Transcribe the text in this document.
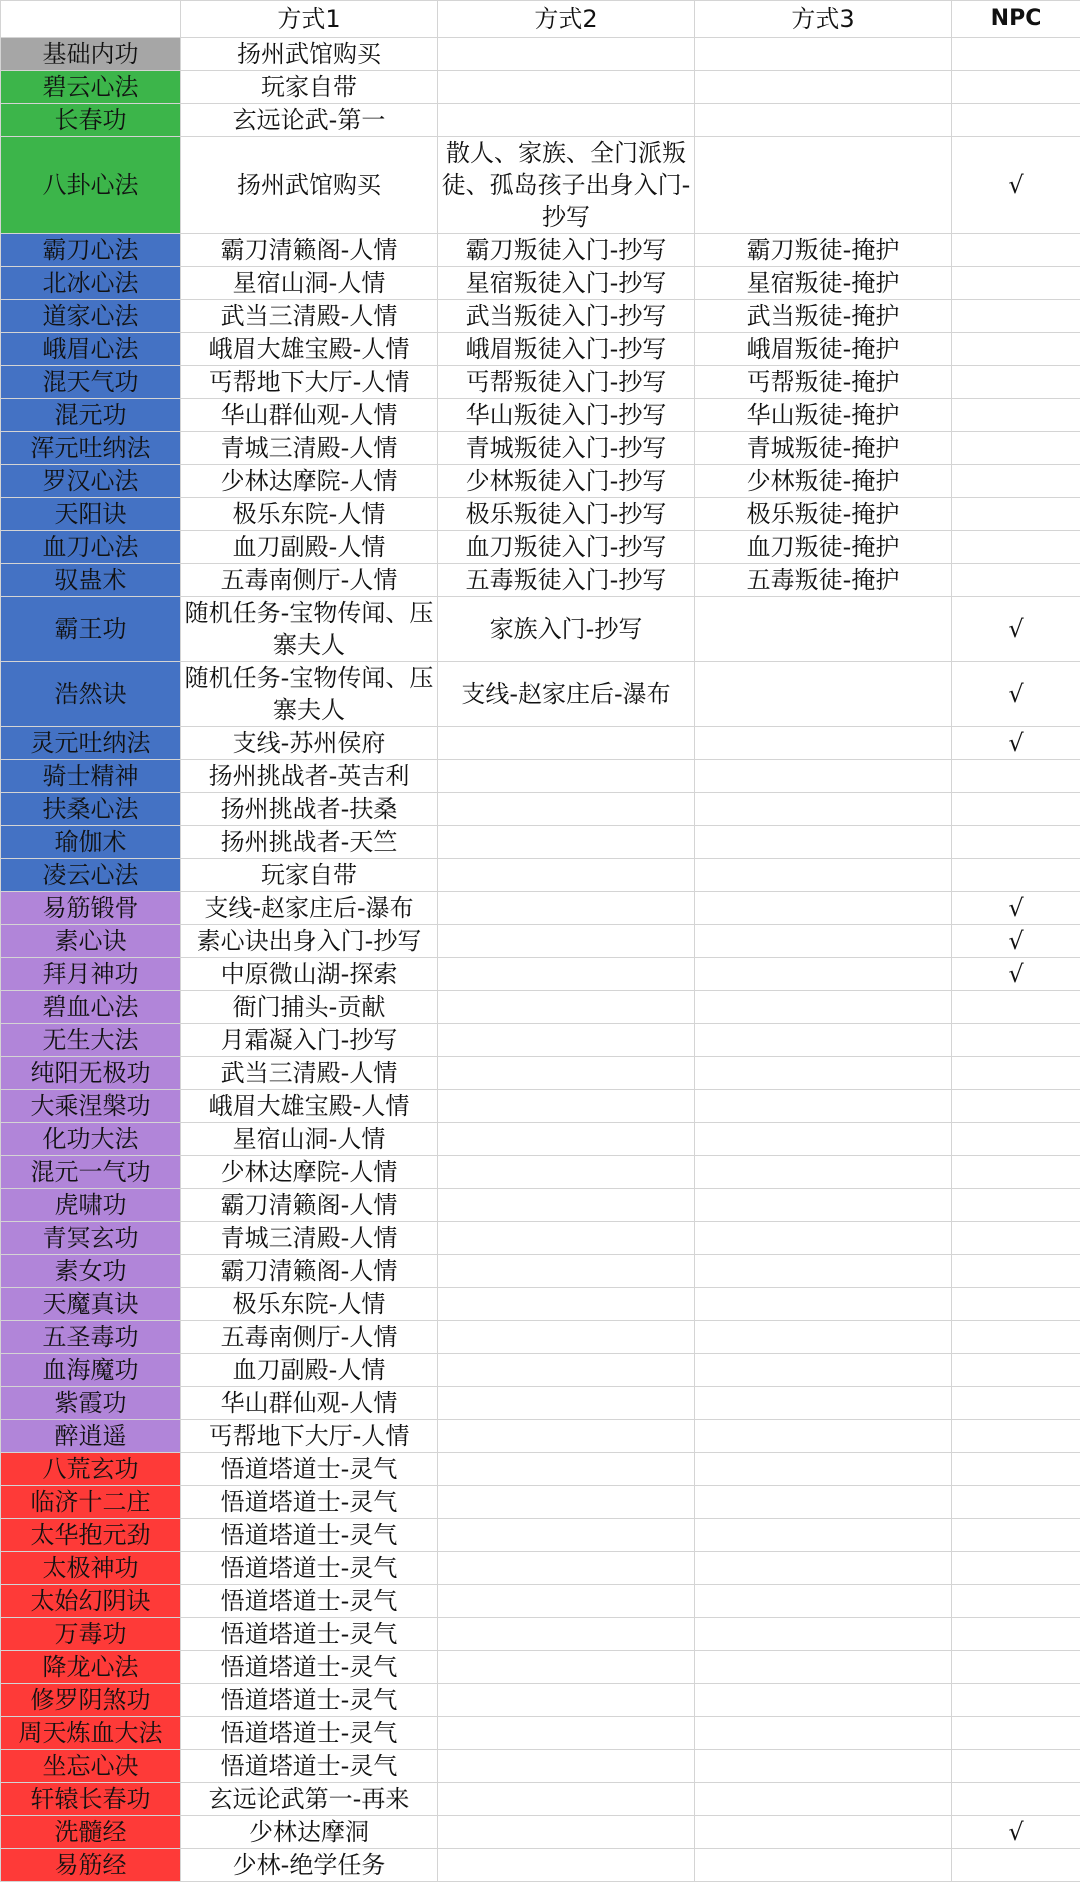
	方式1	方式2	方式3	NPC
基础内功	扬州武馆购买			
碧云心法	玩家自带			
长春功	玄远论武-第一			
八卦心法	扬州武馆购买	散人、家族、全门派叛徒、孤岛孩子出身入门-抄写		√
霸刀心法	霸刀清籁阁-人情	霸刀叛徒入门-抄写	霸刀叛徒-掩护	
北冰心法	星宿山洞-人情	星宿叛徒入门-抄写	星宿叛徒-掩护	
道家心法	武当三清殿-人情	武当叛徒入门-抄写	武当叛徒-掩护	
峨眉心法	峨眉大雄宝殿-人情	峨眉叛徒入门-抄写	峨眉叛徒-掩护	
混天气功	丐帮地下大厅-人情	丐帮叛徒入门-抄写	丐帮叛徒-掩护	
混元功	华山群仙观-人情	华山叛徒入门-抄写	华山叛徒-掩护	
浑元吐纳法	青城三清殿-人情	青城叛徒入门-抄写	青城叛徒-掩护	
罗汉心法	少林达摩院-人情	少林叛徒入门-抄写	少林叛徒-掩护	
天阳诀	极乐东院-人情	极乐叛徒入门-抄写	极乐叛徒-掩护	
血刀心法	血刀副殿-人情	血刀叛徒入门-抄写	血刀叛徒-掩护	
驭蛊术	五毒南侧厅-人情	五毒叛徒入门-抄写	五毒叛徒-掩护	
霸王功	随机任务-宝物传闻、压寨夫人	家族入门-抄写		√
浩然诀	随机任务-宝物传闻、压寨夫人	支线-赵家庄后-瀑布		√
灵元吐纳法	支线-苏州侯府			√
骑士精神	扬州挑战者-英吉利			
扶桑心法	扬州挑战者-扶桑			
瑜伽术	扬州挑战者-天竺			
凌云心法	玩家自带			
易筋锻骨	支线-赵家庄后-瀑布			√
素心诀	素心诀出身入门-抄写			√
拜月神功	中原微山湖-探索			√
碧血心法	衙门捕头-贡献			
无生大法	月霜凝入门-抄写			
纯阳无极功	武当三清殿-人情			
大乘涅槃功	峨眉大雄宝殿-人情			
化功大法	星宿山洞-人情			
混元一气功	少林达摩院-人情			
虎啸功	霸刀清籁阁-人情			
青冥玄功	青城三清殿-人情			
素女功	霸刀清籁阁-人情			
天魔真诀	极乐东院-人情			
五圣毒功	五毒南侧厅-人情			
血海魔功	血刀副殿-人情			
紫霞功	华山群仙观-人情			
醉逍遥	丐帮地下大厅-人情			
八荒玄功	悟道塔道士-灵气			
临济十二庄	悟道塔道士-灵气			
太华抱元劲	悟道塔道士-灵气			
太极神功	悟道塔道士-灵气			
太始幻阴诀	悟道塔道士-灵气			
万毒功	悟道塔道士-灵气			
降龙心法	悟道塔道士-灵气			
修罗阴煞功	悟道塔道士-灵气			
周天炼血大法	悟道塔道士-灵气			
坐忘心决	悟道塔道士-灵气			
轩辕长春功	玄远论武第一-再来			
洗髓经	少林达摩洞			√
易筋经	少林-绝学任务			
